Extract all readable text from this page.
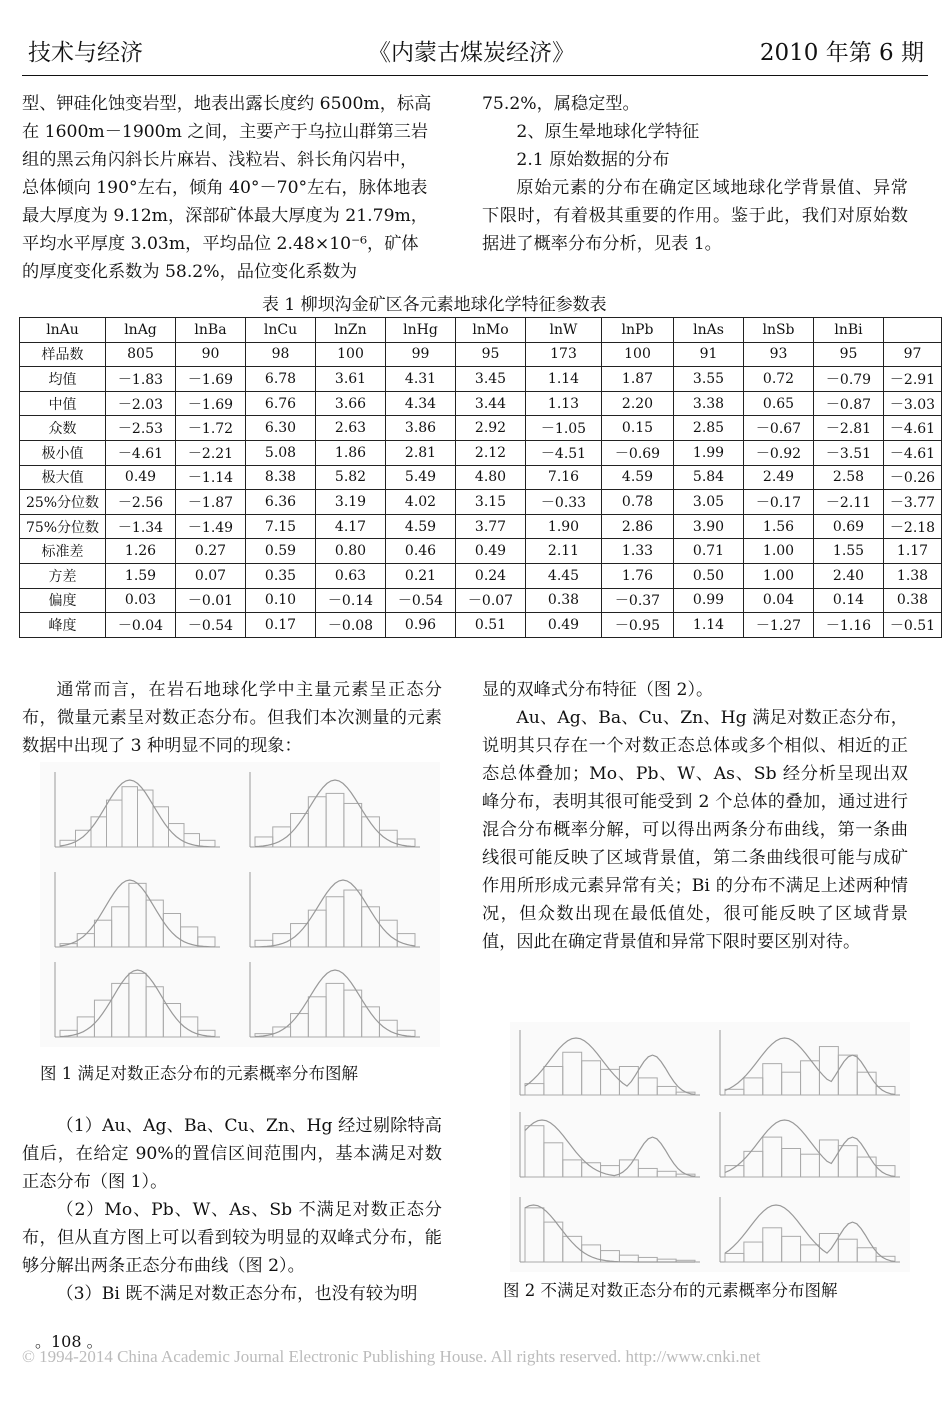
技术与经济	《内蒙古煤炭经济》	2010 年第 6 期

型、钾硅化蚀变岩型，地表出露长度约 6500m，标高

在 1600m－1900m 之间，主要产于乌拉山群第三岩

组的黑云角闪斜长片麻岩、浅粒岩、斜长角闪岩中，

总体倾向 190°左右，倾角 40°－70°左右，脉体地表

最大厚度为 9.12m，深部矿体最大厚度为 21.79m，

平均水平厚度 3.03m，平均品位 2.48×10⁻⁶，矿体

的厚度变化系数为 58.2%，品位变化系数为

75.2%，属稳定型。

2、原生晕地球化学特征

2.1 原始数据的分布

原始元素的分布在确定区域地球化学背景值、异常下限时，有着极其重要的作用。鉴于此，我们对原始数据进了概率分布分析，见表 1。

表 1 柳坝沟金矿区各元素地球化学特征参数表
lnAu	lnAg	lnBa	lnCu	lnZn	lnHg	lnMo	lnW	lnPb	lnAs	lnSb	lnBi	
样品数	805	90	98	100	99	95	173	100	91	93	95	97
均值	－1.83	－1.69	6.78	3.61	4.31	3.45	1.14	1.87	3.55	0.72	－0.79	－2.91
中值	－2.03	－1.69	6.76	3.66	4.34	3.44	1.13	2.20	3.38	0.65	－0.87	－3.03
众数	－2.53	－1.72	6.30	2.63	3.86	2.92	－1.05	0.15	2.85	－0.67	－2.81	－4.61
极小值	－4.61	－2.21	5.08	1.86	2.81	2.12	－4.51	－0.69	1.99	－0.92	－3.51	－4.61
极大值	0.49	－1.14	8.38	5.82	5.49	4.80	7.16	4.59	5.84	2.49	2.58	－0.26
25%分位数	－2.56	－1.87	6.36	3.19	4.02	3.15	－0.33	0.78	3.05	－0.17	－2.11	－3.77
75%分位数	－1.34	－1.49	7.15	4.17	4.59	3.77	1.90	2.86	3.90	1.56	0.69	－2.18
标准差	1.26	0.27	0.59	0.80	0.46	0.49	2.11	1.33	0.71	1.00	1.55	1.17
方差	1.59	0.07	0.35	0.63	0.21	0.24	4.45	1.76	0.50	1.00	2.40	1.38
偏度	0.03	－0.01	0.10	－0.14	－0.54	－0.07	0.38	－0.37	0.99	0.04	0.14	0.38
峰度	－0.04	－0.54	0.17	－0.08	0.96	0.51	0.49	－0.95	1.14	－1.27	－1.16	－0.51

通常而言，在岩石地球化学中主量元素呈正态分布，微量元素呈对数正态分布。但我们本次测量的元素数据中出现了 3 种明显不同的现象：

图 1 满足对数正态分布的元素概率分布图解

（1）Au、Ag、Ba、Cu、Zn、Hg 经过剔除特高值后，在给定 90%的置信区间范围内，基本满足对数正态分布（图 1）。

（2）Mo、Pb、W、As、Sb 不满足对数正态分布，但从直方图上可以看到较为明显的双峰式分布，能够分解出两条正态分布曲线（图 2）。

（3）Bi 既不满足对数正态分布，也没有较为明

显的双峰式分布特征（图 2）。

Au、Ag、Ba、Cu、Zn、Hg 满足对数正态分布，说明其只存在一个对数正态总体或多个相似、相近的正态总体叠加；Mo、Pb、W、As、Sb 经分析呈现出双峰分布，表明其很可能受到 2 个总体的叠加，通过进行混合分布概率分解，可以得出两条分布曲线，第一条曲线很可能反映了区域背景值，第二条曲线很可能与成矿作用所形成元素异常有关；Bi 的分布不满足上述两种情况，但众数出现在最低值处，很可能反映了区域背景值，因此在确定背景值和异常下限时要区别对待。

图 2 不满足对数正态分布的元素概率分布图解
。108 。
© 1994-2014 China Academic Journal Electronic Publishing House. All rights reserved. http://www.cnki.net
